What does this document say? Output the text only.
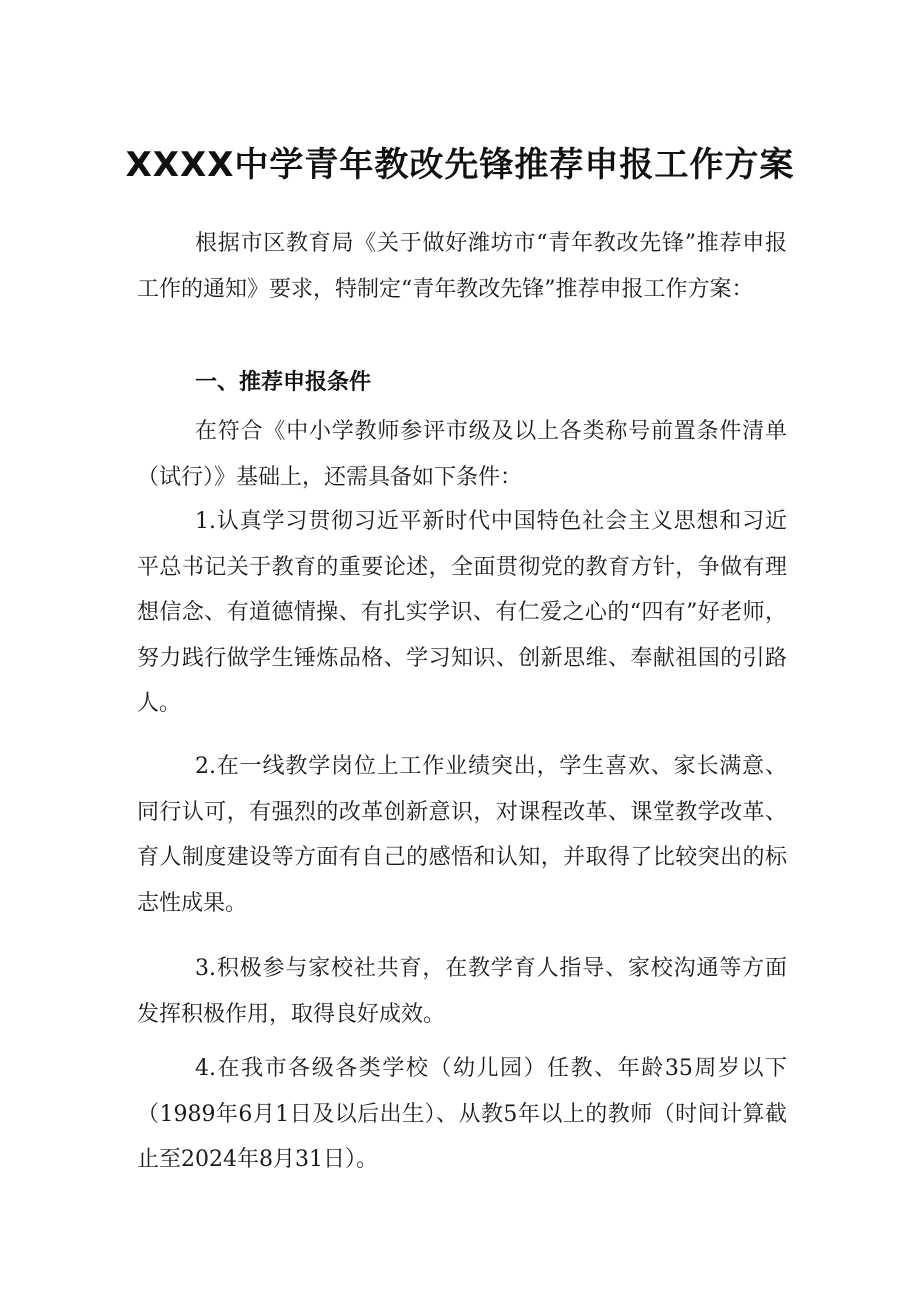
XXXX中学青年教改先锋推荐申报工作方案

根据市区教育局《关于做好潍坊市“青年教改先锋”推荐申报工作的通知》要求，特制定“青年教改先锋”推荐申报工作方案：

一、推荐申报条件

在符合《中小学教师参评市级及以上各类称号前置条件清单（试行）》基础上，还需具备如下条件：

1.认真学习贯彻习近平新时代中国特色社会主义思想和习近平总书记关于教育的重要论述，全面贯彻党的教育方针，争做有理想信念、有道德情操、有扎实学识、有仁爱之心的“四有”好老师，努力践行做学生锤炼品格、学习知识、创新思维、奉献祖国的引路人。

2.在一线教学岗位上工作业绩突出，学生喜欢、家长满意、同行认可，有强烈的改革创新意识，对课程改革、课堂教学改革、育人制度建设等方面有自己的感悟和认知，并取得了比较突出的标志性成果。

3.积极参与家校社共育，在教学育人指导、家校沟通等方面发挥积极作用，取得良好成效。

4.在我市各级各类学校（幼儿园）任教、年龄35周岁以下（1989年6月1日及以后出生）、从教5年以上的教师（时间计算截止至2024年8月31日）。
